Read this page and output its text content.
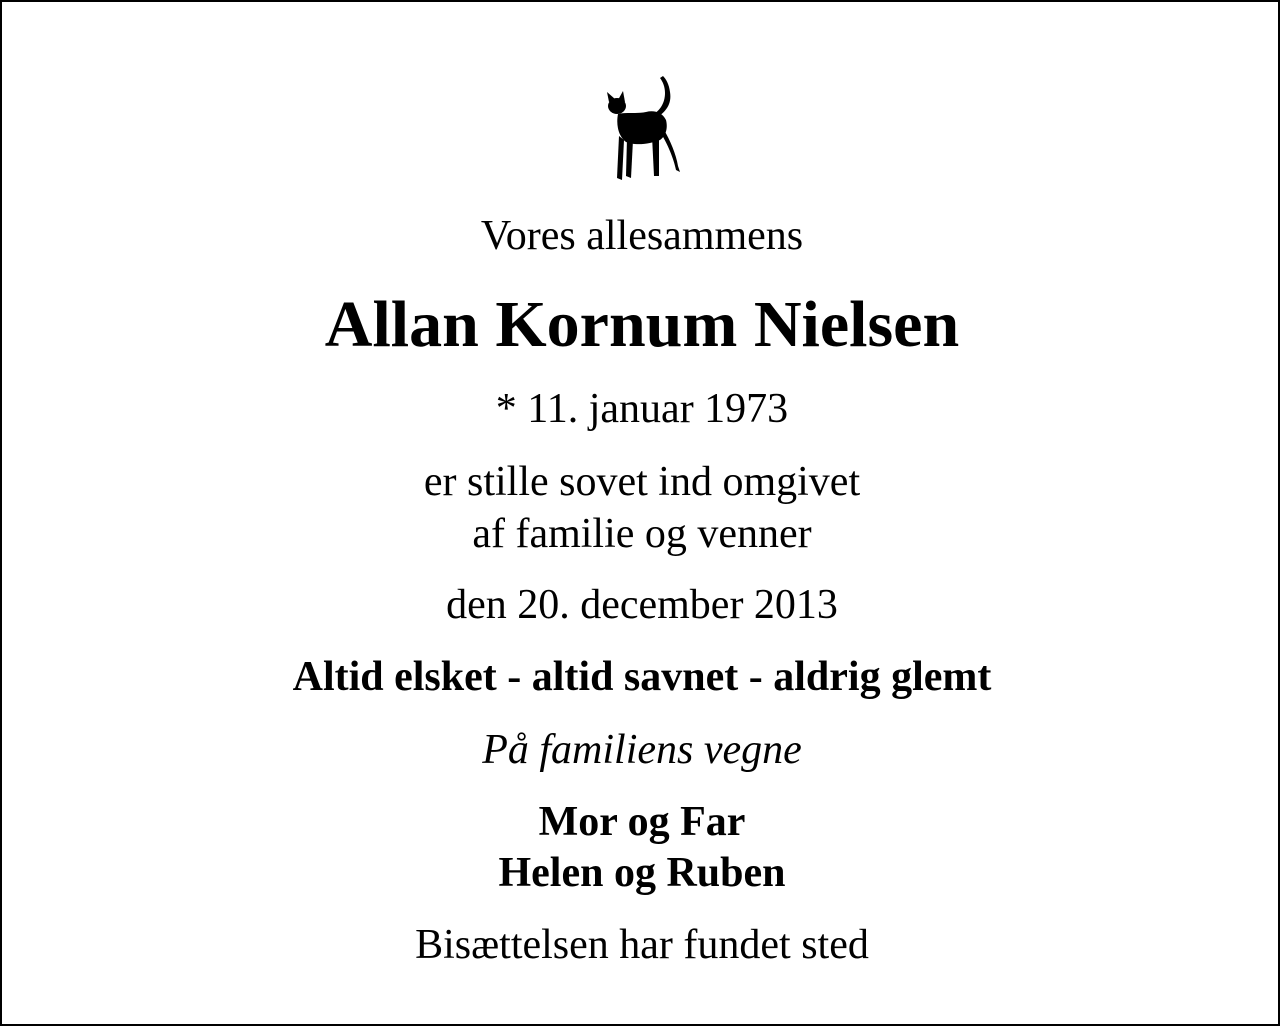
Vores allesammens
Allan Kornum Nielsen
* 11. januar 1973
er stille sovet ind omgivet
af familie og venner
den 20. december 2013
Altid elsket - altid savnet - aldrig glemt
På familiens vegne
Mor og Far
Helen og Ruben
Bisættelsen har fundet sted
